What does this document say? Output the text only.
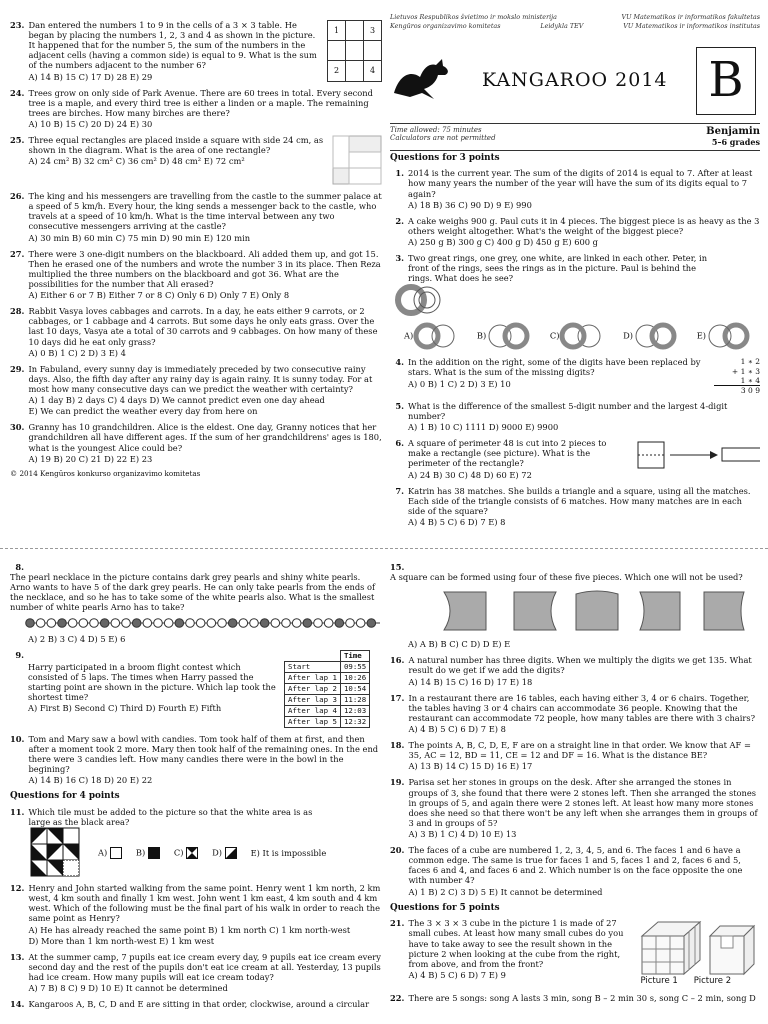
23. Dan entered the numbers 1 to 9 in the cells of a 3 × 3 table. He began by placing the numbers 1, 2, 3 and 4 as shown in the picture. It happened that for the number 5, the sum of the numbers in the adjacent cells (having a common side) is equal to 9. What is the sum of the numbers adjacent to the number 6?
A) 14 B) 15 C) 17 D) 28 E) 29
1		3

2		4
24. Trees grow on only side of Park Avenue. There are 60 trees in total. Every second tree is a maple, and every third tree is either a linden or a maple. The remaining trees are birches. How many birches are there?
A) 10 B) 15 C) 20 D) 24 E) 30
25. Three equal rectangles are placed inside a square with side 24 cm, as shown in the diagram. What is the area of one rectangle?
A) 24 cm² B) 32 cm² C) 36 cm² D) 48 cm² E) 72 cm²
26. The king and his messengers are travelling from the castle to the summer palace at a speed of 5 km/h. Every hour, the king sends a messenger back to the castle, who travels at a speed of 10 km/h. What is the time interval between any two consecutive messengers arriving at the castle?
A) 30 min B) 60 min C) 75 min D) 90 min E) 120 min
27. There were 3 one-digit numbers on the blackboard. Ali added them up, and got 15. Then he erased one of the numbers and wrote the number 3 in its place. Then Reza multiplied the three numbers on the blackboard and got 36. What are the possibilities for the number that Ali erased?
A) Either 6 or 7 B) Either 7 or 8 C) Only 6 D) Only 7 E) Only 8
28. Rabbit Vasya loves cabbages and carrots. In a day, he eats either 9 carrots, or 2 cabbages, or 1 cabbage and 4 carrots. But some days he only eats grass. Over the last 10 days, Vasya ate a total of 30 carrots and 9 cabbages. On how many of these 10 days did he eat only grass?
A) 0 B) 1 C) 2 D) 3 E) 4
29. In Fabuland, every sunny day is immediately preceded by two consecutive rainy days. Also, the fifth day after any rainy day is again rainy. It is sunny today. For at most how many consecutive days can we predict the weather with certainty?
A) 1 day B) 2 days C) 4 days D) We cannot predict even one day ahead
E) We can predict the weather every day from here on
30. Granny has 10 grandchildren. Alice is the eldest. One day, Granny notices that her grandchildren all have different ages. If the sum of her grandchildrens' ages is 180, what is the youngest Alice could be?
A) 19 B) 20 C) 21 D) 22 E) 23
© 2014 Kengūros konkurso organizavimo komitetas
Lietuvos Respublikos švietimo ir mokslo ministerija	VU Matematikos ir informatikos fakultetas
Kengūros organizavimo komitetas	Leidykla TEV	VU Matematikos ir informatikos institutas
KANGAROO 2014 B
Time allowed: 75 minutes
Calculators are not permitted
Benjamin
5–6 grades
Questions for 3 points
1. 2014 is the current year. The sum of the digits of 2014 is equal to 7. After at least how many years the number of the year will have the sum of its digits equal to 7 again?
A) 18 B) 36 C) 90 D) 9 E) 990
2. A cake weighs 900 g. Paul cuts it in 4 pieces. The biggest piece is as heavy as the 3 others weight altogether. What's the weight of the biggest piece?
A) 250 g B) 300 g C) 400 g D) 450 g E) 600 g
3. Two great rings, one grey, one white, are linked in each other. Peter, in front of the rings, sees the rings as in the picture. Paul is behind the rings. What does he see?
A)	B)	C)	D)	E)
4. In the addition on the right, some of the digits have been replaced by stars. What is the sum of the missing digits?
A) 0 B) 1 C) 2 D) 3 E) 10
1 ∗ 2
+ 1 ∗ 3
1 ∗ 4
3 0 9
5. What is the difference of the smallest 5-digit number and the largest 4-digit number?
A) 1 B) 10 C) 1111 D) 9000 E) 9900
6. A square of perimeter 48 is cut into 2 pieces to make a rectangle (see picture). What is the perimeter of the rectangle?
A) 24 B) 30 C) 48 D) 60 E) 72
7. Katrin has 38 matches. She builds a triangle and a square, using all the matches. Each side of the triangle consists of 6 matches. How many matches are in each side of the square?
A) 4 B) 5 C) 6 D) 7 E) 8
8.
The pearl necklace in the picture contains dark grey pearls and shiny white pearls. Arno wants to have 5 of the dark grey pearls. He can only take pearls from the ends of the necklace, and so he has to take some of the white pearls also. What is the smallest number of white pearls Arno has to take?
A) 2 B) 3 C) 4 D) 5 E) 6
9.
Harry participated in a broom flight contest which consisted of 5 laps. The times when Harry passed the starting point are shown in the picture. Which lap took the shortest time?
A) First B) Second C) Third D) Fourth E) Fifth
	Time
Start	09:55
After lap 1	10:26
After lap 2	10:54
After lap 3	11:28
After lap 4	12:03
After lap 5	12:32
10. Tom and Mary saw a bowl with candies. Tom took half of them at first, and then after a moment took 2 more. Mary then took half of the remaining ones. In the end there were 3 candies left. How many candies there were in the bowl in the begining?
A) 14 B) 16 C) 18 D) 20 E) 22
Questions for 4 points
11. Which tile must be added to the picture so that the white area is as large as the black area?
A)	B)	C)	D)	E) It is impossible
12. Henry and John started walking from the same point. Henry went 1 km north, 2 km west, 4 km south and finally 1 km west. John went 1 km east, 4 km south and 4 km west. Which of the following must be the final part of his walk in order to reach the same point as Henry?
A) He has already reached the same point B) 1 km north C) 1 km north-west
D) More than 1 km north-west E) 1 km west
13. At the summer camp, 7 pupils eat ice cream every day, 9 pupils eat ice cream every second day and the rest of the pupils don't eat ice cream at all. Yesterday, 13 pupils had ice cream. How many pupils will eat ice cream today?
A) 7 B) 8 C) 9 D) 10 E) It cannot be determined
14. Kangaroos A, B, C, D and E are sitting in that order, clockwise, around a circular
15.
A square can be formed using four of these five pieces. Which one will not be used?
A) A B) B C) C D) D E) E
16. A natural number has three digits. When we multiply the digits we get 135. What result do we get if we add the digits?
A) 14 B) 15 C) 16 D) 17 E) 18
17. In a restaurant there are 16 tables, each having either 3, 4 or 6 chairs. Together, the tables having 3 or 4 chairs can accommodate 36 people. Knowing that the restaurant can accommodate 72 people, how many tables are there with 3 chairs?
A) 4 B) 5 C) 6 D) 7 E) 8
18. The points A, B, C, D, E, F are on a straight line in that order. We know that AF = 35, AC = 12, BD = 11, CE = 12 and DF = 16. What is the distance BE?
A) 13 B) 14 C) 15 D) 16 E) 17
19. Parisa set her stones in groups on the desk. After she arranged the stones in groups of 3, she found that there were 2 stones left. Then she arranged the stones in groups of 5, and again there were 2 stones left. At least how many more stones does she need so that there won't be any left when she arranges them in groups of 3 and in groups of 5?
A) 3 B) 1 C) 4 D) 10 E) 13
20. The faces of a cube are numbered 1, 2, 3, 4, 5, and 6. The faces 1 and 6 have a common edge. The same is true for faces 1 and 5, faces 1 and 2, faces 6 and 5, faces 6 and 4, and faces 6 and 2. Which number is on the face opposite the one with number 4?
A) 1 B) 2 C) 3 D) 5 E) It cannot be determined
Questions for 5 points
21. The 3 × 3 × 3 cube in the picture 1 is made of 27 small cubes. At least how many small cubes do you have to take away to see the result shown in the picture 2 when looking at the cube from the right, from above, and from the front?
A) 4 B) 5 C) 6 D) 7 E) 9
Picture 1 Picture 2
22. There are 5 songs: song A lasts 3 min, song B – 2 min 30 s, song C – 2 min, song D
